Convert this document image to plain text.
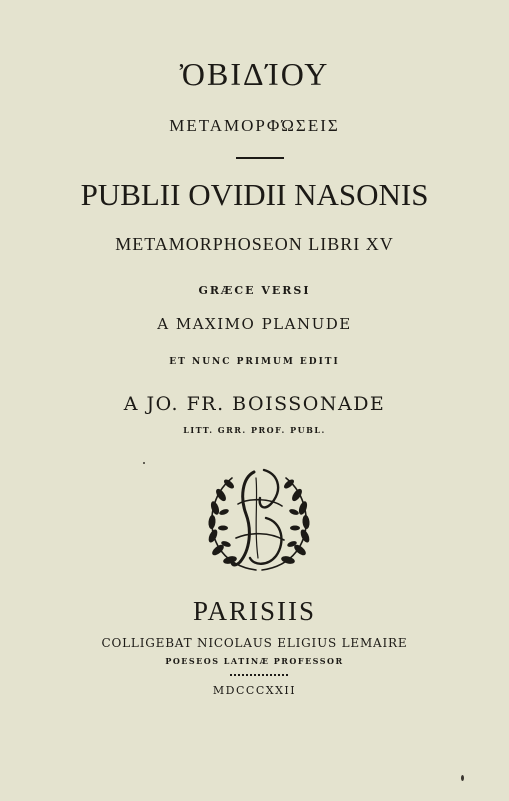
ὈΒΙΔΊΟΥ
ΜΕΤΑΜΟΡΦΏΣΕΙΣ
PUBLII OVIDII NASONIS
METAMORPHOSEON LIBRI XV
GRÆCE VERSI
A MAXIMO PLANUDE
ET NUNC PRIMUM EDITI
A JO. FR. BOISSONADE
LITT. GRR. PROF. PUBL.
PARISIIS
COLLIGEBAT NICOLAUS ELIGIUS LEMAIRE
POESEOS LATINÆ PROFESSOR
MDCCCXXII
